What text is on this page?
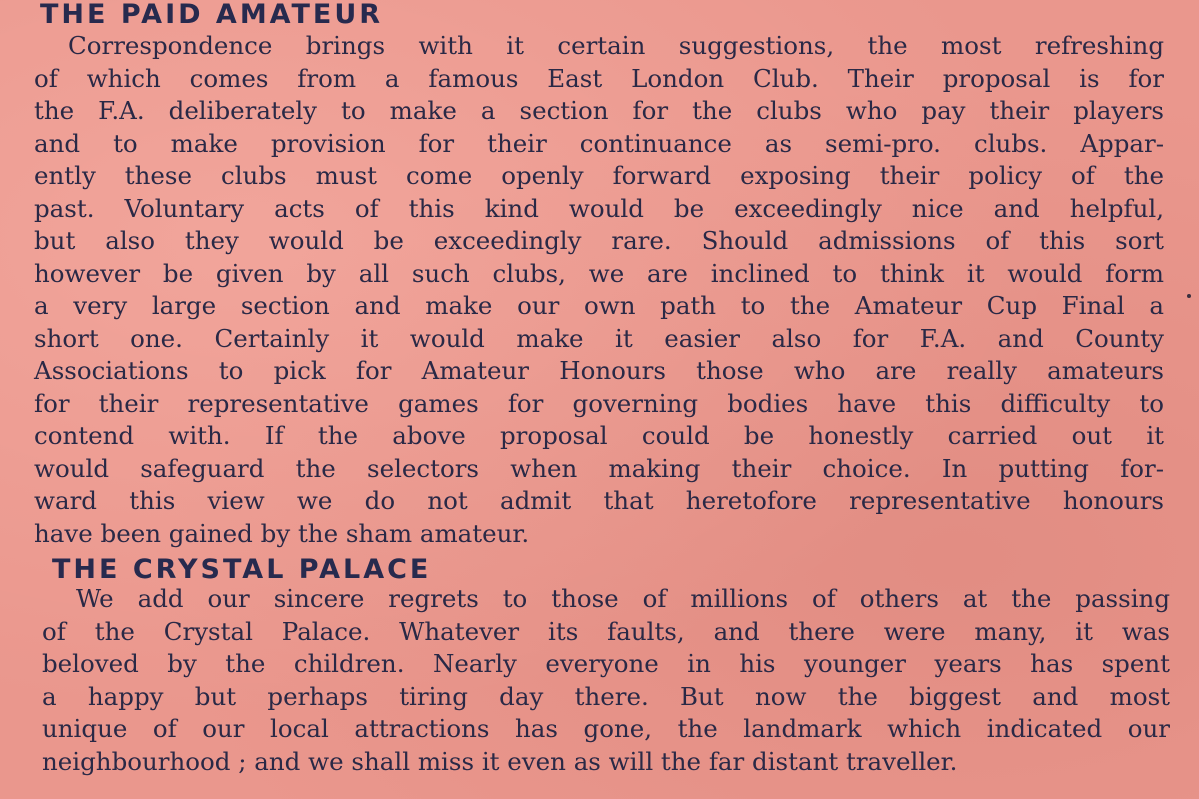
THE PAID AMATEUR

Correspondence brings with it certain suggestions, the most refreshing

of which comes from a famous East London Club. Their proposal is for

the F.A. deliberately to make a section for the clubs who pay their players

and to make provision for their continuance as semi-pro. clubs. Appar-

ently these clubs must come openly forward exposing their policy of the

past. Voluntary acts of this kind would be exceedingly nice and helpful,

but also they would be exceedingly rare. Should admissions of this sort

however be given by all such clubs, we are inclined to think it would form

a very large section and make our own path to the Amateur Cup Final a

short one. Certainly it would make it easier also for F.A. and County

Associations to pick for Amateur Honours those who are really amateurs

for their representative games for governing bodies have this difficulty to

contend with. If the above proposal could be honestly carried out it

would safeguard the selectors when making their choice. In putting for-

ward this view we do not admit that heretofore representative honours

have been gained by the sham amateur.

THE CRYSTAL PALACE

We add our sincere regrets to those of millions of others at the passing

of the Crystal Palace. Whatever its faults, and there were many, it was

beloved by the children. Nearly everyone in his younger years has spent

a happy but perhaps tiring day there. But now the biggest and most

unique of our local attractions has gone, the landmark which indicated our

neighbourhood ; and we shall miss it even as will the far distant traveller.
